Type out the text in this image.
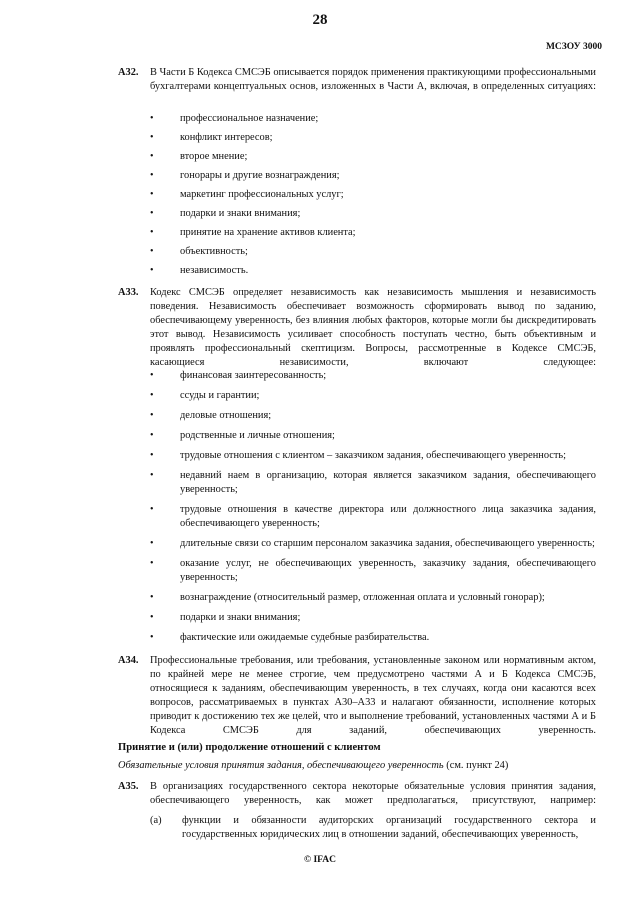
28
МСЗОУ 3000
A32. В Части Б Кодекса СМСЭБ описывается порядок применения практикующими профессиональными бухгалтерами концептуальных основ, изложенных в Части А, включая, в определенных ситуациях:
• профессиональное назначение;
• конфликт интересов;
• второе мнение;
• гонорары и другие вознаграждения;
• маркетинг профессиональных услуг;
• подарки и знаки внимания;
• принятие на хранение активов клиента;
• объективность;
• независимость.
A33. Кодекс СМСЭБ определяет независимость как независимость мышления и независимость поведения. Независимость обеспечивает возможность сформировать вывод по заданию, обеспечивающему уверенность, без влияния любых факторов, которые могли бы дискредитировать этот вывод. Независимость усиливает способность поступать честно, быть объективным и проявлять профессиональный скептицизм. Вопросы, рассмотренные в Кодексе СМСЭБ, касающиеся независимости, включают следующее:
• финансовая заинтересованность;
• ссуды и гарантии;
• деловые отношения;
• родственные и личные отношения;
• трудовые отношения с клиентом – заказчиком задания, обеспечивающего уверенность;
• недавний наем в организацию, которая является заказчиком задания, обеспечивающего уверенность;
• трудовые отношения в качестве директора или должностного лица заказчика задания, обеспечивающего уверенность;
• длительные связи со старшим персоналом заказчика задания, обеспечивающего уверенность;
• оказание услуг, не обеспечивающих уверенность, заказчику задания, обеспечивающего уверенность;
• вознаграждение (относительный размер, отложенная оплата и условный гонорар);
• подарки и знаки внимания;
• фактические или ожидаемые судебные разбирательства.
A34. Профессиональные требования, или требования, установленные законом или нормативным актом, по крайней мере не менее строгие, чем предусмотрено частями А и Б Кодекса СМСЭБ, относящиеся к заданиям, обеспечивающим уверенность, в тех случаях, когда они касаются всех вопросов, рассматриваемых в пунктах А30–А33 и налагают обязанности, исполнение которых приводит к достижению тех же целей, что и выполнение требований, установленных частями А и Б Кодекса СМСЭБ для заданий, обеспечивающих уверенность.
Принятие и (или) продолжение отношений с клиентом
Обязательные условия принятия задания, обеспечивающего уверенность (см. пункт 24)
A35. В организациях государственного сектора некоторые обязательные условия принятия задания, обеспечивающего уверенность, как может предполагаться, присутствуют, например:
(a) функции и обязанности аудиторских организаций государственного сектора и государственных юридических лиц в отношении заданий, обеспечивающих уверенность,
© IFAC
